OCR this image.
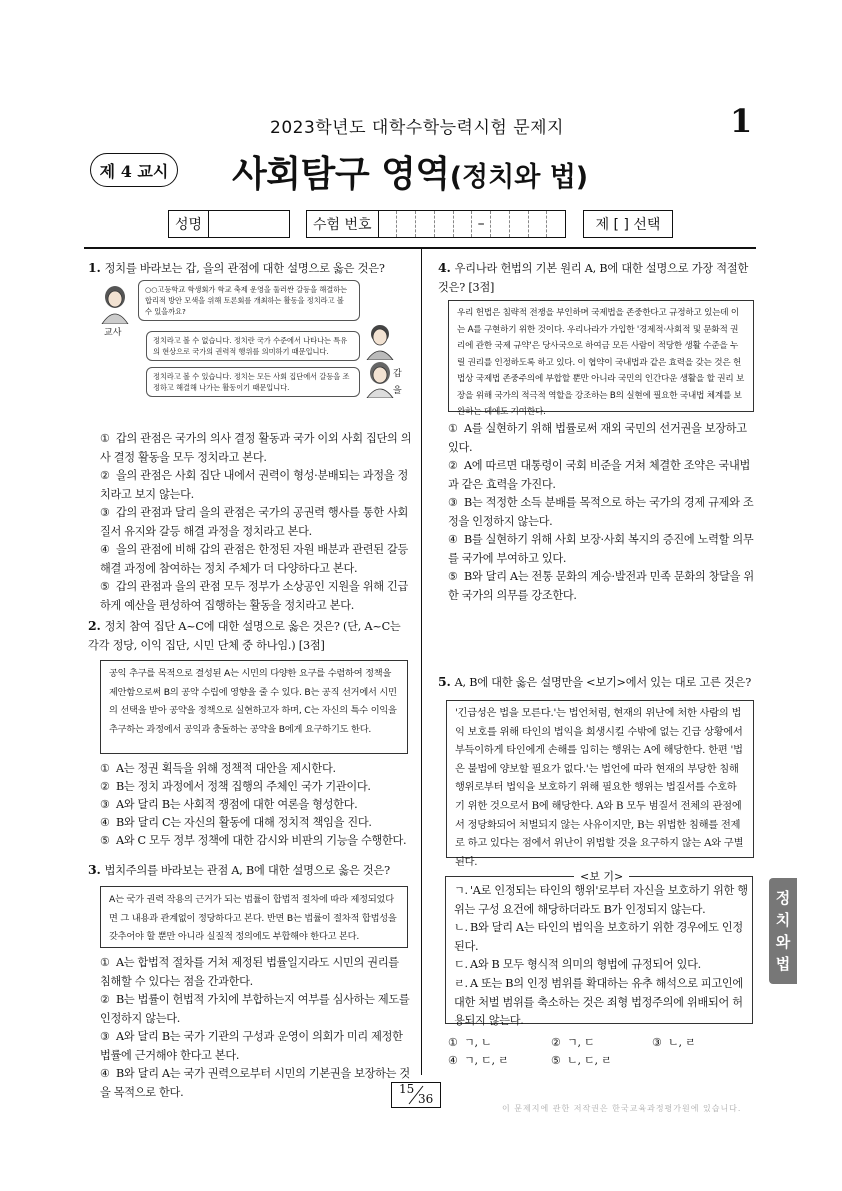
2023학년도 대학수학능력시험 문제지	1
제 4 교시 사회탐구 영역(정치와 법)
성명	수험 번호	–	제 [ ] 선택
1. 정치를 바라보는 갑, 을의 관점에 대한 설명으로 옳은 것은?
교사
○○고등학교 학생회가 학교 축제 운영을 둘러싼 갈등을 해결하는 합리적 방안 모색을 위해 토론회를 개최하는 활동을 정치라고 볼 수 있을까요?
정치라고 볼 수 없습니다. 정치란 국가 수준에서 나타나는 특유의 현상으로 국가의 권력적 행위를 의미하기 때문입니다.
갑
정치라고 볼 수 있습니다. 정치는 모든 사회 집단에서 갈등을 조정하고 해결해 나가는 활동이기 때문입니다.	을
① 갑의 관점은 국가의 의사 결정 활동과 국가 이외 사회 집단의 의사 결정 활동을 모두 정치라고 본다.
② 을의 관점은 사회 집단 내에서 권력이 형성·분배되는 과정을 정치라고 보지 않는다.
③ 갑의 관점과 달리 을의 관점은 국가의 공권력 행사를 통한 사회 질서 유지와 갈등 해결 과정을 정치라고 본다.
④ 을의 관점에 비해 갑의 관점은 한정된 자원 배분과 관련된 갈등 해결 과정에 참여하는 정치 주체가 더 다양하다고 본다.
⑤ 갑의 관점과 을의 관점 모두 정부가 소상공인 지원을 위해 긴급 하게 예산을 편성하여 집행하는 활동을 정치라고 본다.
2. 정치 참여 집단 A~C에 대한 설명으로 옳은 것은? (단, A~C는 각각 정당, 이익 집단, 시민 단체 중 하나임.) [3점]
공익 추구를 목적으로 결성된 A는 시민의 다양한 요구를 수렴하여 정책을 제안함으로써 B의 공약 수립에 영향을 줄 수 있다. B는 공직 선거에서 시민의 선택을 받아 공약을 정책으로 실현하고자 하며, C는 자신의 특수 이익을 추구하는 과정에서 공익과 충돌하는 공약을 B에게 요구하기도 한다.
① A는 정권 획득을 위해 정책적 대안을 제시한다.
② B는 정치 과정에서 정책 집행의 주체인 국가 기관이다.
③ A와 달리 B는 사회적 쟁점에 대한 여론을 형성한다.
④ B와 달리 C는 자신의 활동에 대해 정치적 책임을 진다.
⑤ A와 C 모두 정부 정책에 대한 감시와 비판의 기능을 수행한다.
3. 법치주의를 바라보는 관점 A, B에 대한 설명으로 옳은 것은?
A는 국가 권력 작용의 근거가 되는 법률이 합법적 절차에 따라 제정되었다면 그 내용과 관계없이 정당하다고 본다. 반면 B는 법률이 절차적 합법성을 갖추어야 할 뿐만 아니라 실질적 정의에도 부합해야 한다고 본다.
① A는 합법적 절차를 거쳐 제정된 법률일지라도 시민의 권리를 침해할 수 있다는 점을 간과한다.
② B는 법률이 헌법적 가치에 부합하는지 여부를 심사하는 제도를 인정하지 않는다.
③ A와 달리 B는 국가 기관의 구성과 운영이 의회가 미리 제정한 법률에 근거해야 한다고 본다.
④ B와 달리 A는 국가 권력으로부터 시민의 기본권을 보장하는 것을 목적으로 한다.
4. 우리나라 헌법의 기본 원리 A, B에 대한 설명으로 가장 적절한 것은? [3점]
우리 헌법은 침략적 전쟁을 부인하며 국제법을 존중한다고 규정하고 있는데 이는 A를 구현하기 위한 것이다. 우리나라가 가입한 '경제적·사회적 및 문화적 권리에 관한 국제 규약'은 당사국으로 하여금 모든 사람이 적당한 생활 수준을 누릴 권리를 인정하도록 하고 있다. 이 협약이 국내법과 같은 효력을 갖는 것은 헌법상 국제법 존중주의에 부합할 뿐만 아니라 국민의 인간다운 생활을 할 권리 보장을 위해 국가의 적극적 역할을 강조하는 B의 실현에 필요한 국내법 체계를 보완하는 데에도 기여한다.
① A를 실현하기 위해 법률로써 재외 국민의 선거권을 보장하고 있다.
② A에 따르면 대통령이 국회 비준을 거쳐 체결한 조약은 국내법과 같은 효력을 가진다.
③ B는 적정한 소득 분배를 목적으로 하는 국가의 경제 규제와 조정을 인정하지 않는다.
④ B를 실현하기 위해 사회 보장·사회 복지의 증진에 노력할 의무를 국가에 부여하고 있다.
⑤ B와 달리 A는 전통 문화의 계승·발전과 민족 문화의 창달을 위한 국가의 의무를 강조한다.
5. A, B에 대한 옳은 설명만을 <보기>에서 있는 대로 고른 것은?
'긴급성은 법을 모른다.'는 법언처럼, 현재의 위난에 처한 사람의 법익 보호를 위해 타인의 법익을 희생시킬 수밖에 없는 긴급 상황에서 부득이하게 타인에게 손해를 입히는 행위는 A에 해당한다. 한편 '법은 불법에 양보할 필요가 없다.'는 법언에 따라 현재의 부당한 침해 행위로부터 법익을 보호하기 위해 필요한 행위는 법질서를 수호하기 위한 것으로서 B에 해당한다. A와 B 모두 범질서 전체의 관점에서 정당화되어 처벌되지 않는 사유이지만, B는 위법한 침해를 전제로 하고 있다는 점에서 위난이 위법할 것을 요구하지 않는 A와 구별된다.
<보 기>
ㄱ. 'A로 인정되는 타인의 행위'로부터 자신을 보호하기 위한 행위는 구성 요건에 해당하더라도 B가 인정되지 않는다.
ㄴ. B와 달리 A는 타인의 법익을 보호하기 위한 경우에도 인정된다.
ㄷ. A와 B 모두 형식적 의미의 형법에 규정되어 있다.
ㄹ. A 또는 B의 인정 범위를 확대하는 유추 해석으로 피고인에 대한 처벌 범위를 축소하는 것은 죄형 법정주의에 위배되어 허용되지 않는다.
① ㄱ, ㄴ	② ㄱ, ㄷ	③ ㄴ, ㄹ
④ ㄱ, ㄷ, ㄹ	⑤ ㄴ, ㄷ, ㄹ
정
치
와
법
15
36
이 문제지에 관한 저작권은 한국교육과정평가원에 있습니다.
